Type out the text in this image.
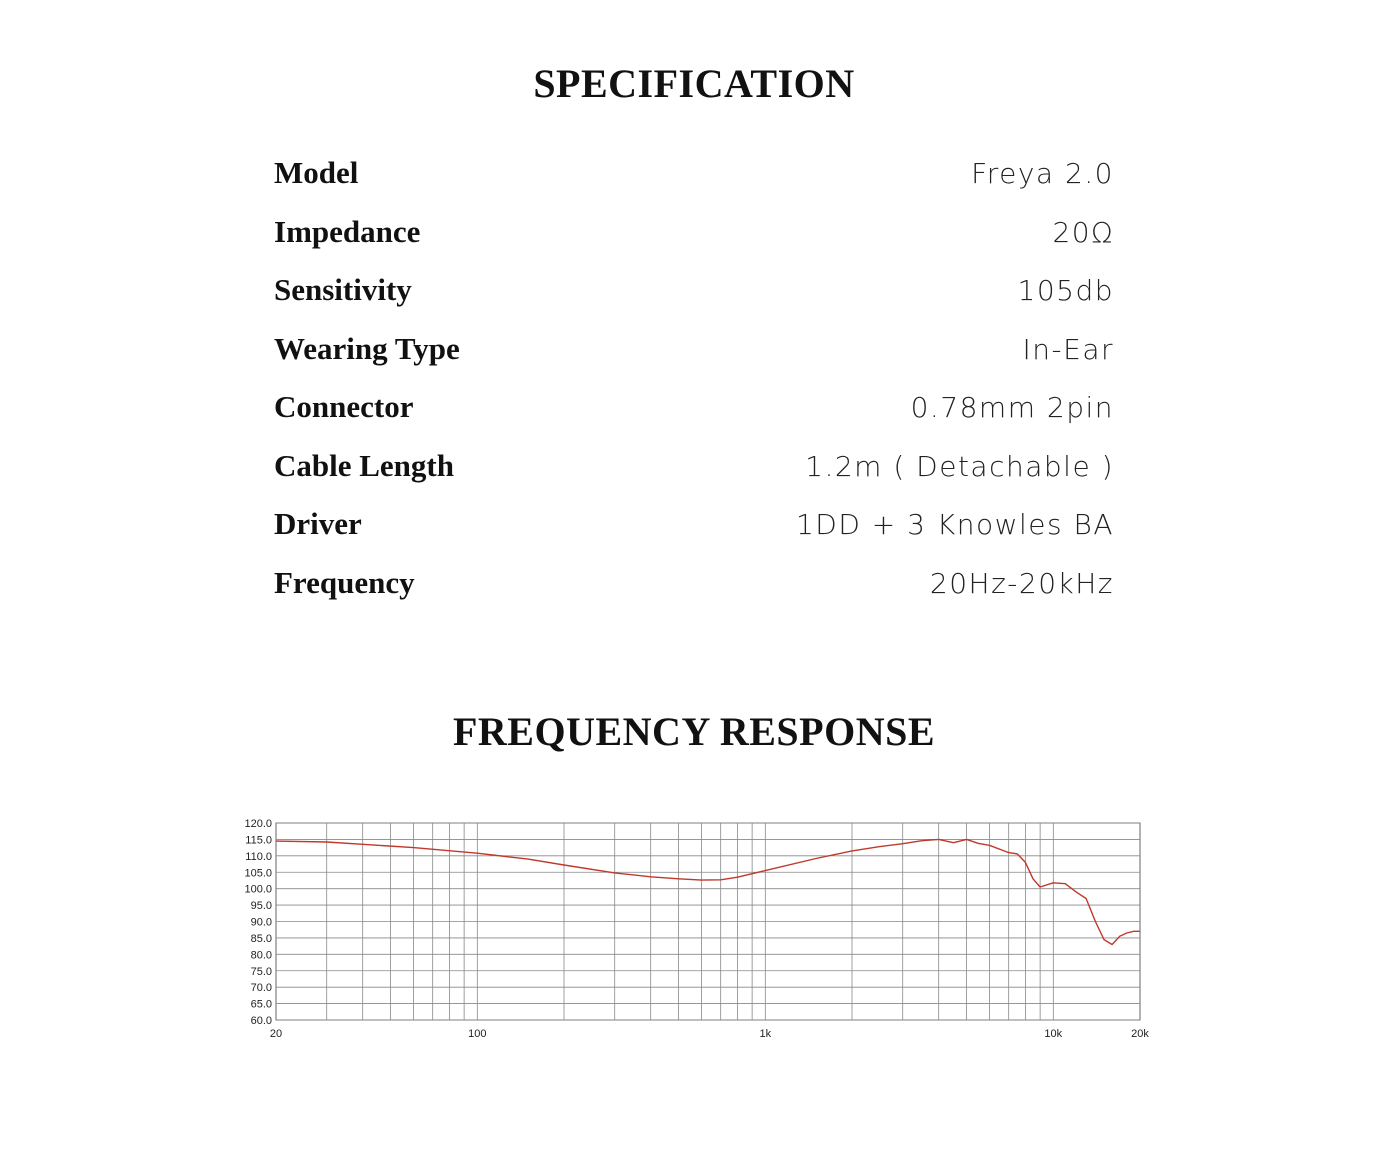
SPECIFICATION
Model	Freya 2.0
Impedance	20Ω
Sensitivity	105db
Wearing Type	In-Ear
Connector	0.78mm 2pin
Cable Length	1.2m ( Detachable )
Driver	1DD + 3 Knowles BA
Frequency	20Hz-20kHz
FREQUENCY RESPONSE
120.0
115.0
110.0
105.0
100.0
95.0
90.0
85.0
80.0
75.0
70.0
65.0
60.0
20	100	1k	10k	20k
